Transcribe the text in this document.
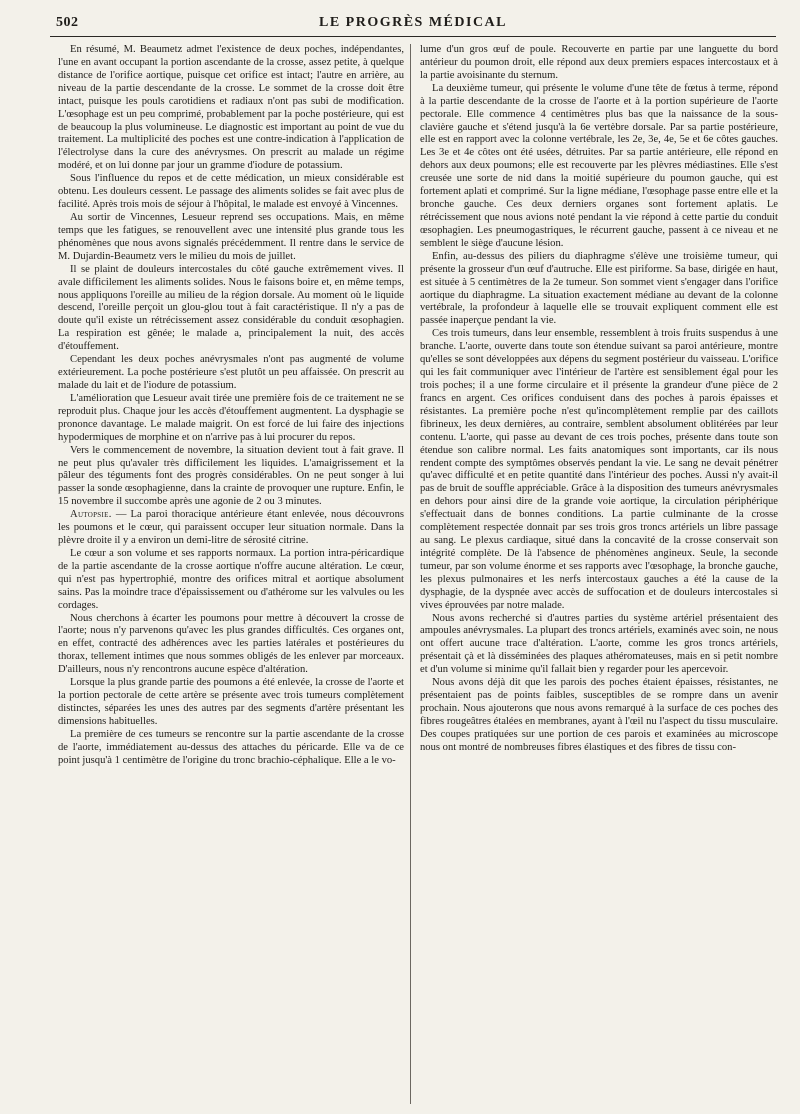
502	LE PROGRÈS MÉDICAL

En résumé, M. Beaumetz admet l'existence de deux poches, indépendantes, l'une en avant occupant la portion ascendante de la crosse, assez petite, à quelque distance de l'orifice aortique, puisque cet orifice est intact; l'autre en arrière, au niveau de la partie descendante de la crosse. Le sommet de la crosse doit être intact, puisque les pouls carotidiens et radiaux n'ont pas subi de modification. L'œsophage est un peu comprimé, probablement par la poche postérieure, qui est de beaucoup la plus volumineuse. Le diagnostic est important au point de vue du traitement. La multiplicité des poches est une contre-indication à l'application de l'électrolyse dans la cure des anévrysmes. On prescrit au malade un régime modéré, et on lui donne par jour un gramme d'iodure de potassium.

Sous l'influence du repos et de cette médication, un mieux considérable est obtenu. Les douleurs cessent. Le passage des aliments solides se fait avec plus de facilité. Après trois mois de séjour à l'hôpital, le malade est envoyé à Vincennes.

Au sortir de Vincennes, Lesueur reprend ses occupations. Mais, en même temps que les fatigues, se renouvellent avec une intensité plus grande tous les phénomènes que nous avons signalés précédemment. Il rentre dans le service de M. Dujardin-Beaumetz vers le milieu du mois de juillet.

Il se plaint de douleurs intercostales du côté gauche extrêmement vives. Il avale difficilement les aliments solides. Nous le faisons boire et, en même temps, nous appliquons l'oreille au milieu de la région dorsale. Au moment où le liquide descend, l'oreille perçoit un glou-glou tout à fait caractéristique. Il n'y a pas de doute qu'il existe un rétrécissement assez considérable du conduit œsophagien. La respiration est gênée; le malade a, principalement la nuit, des accès d'étouffement.

Cependant les deux poches anévrysmales n'ont pas augmenté de volume extérieurement. La poche postérieure s'est plutôt un peu affaissée. On prescrit au malade du lait et de l'iodure de potassium.

L'amélioration que Lesueur avait tirée une première fois de ce traitement ne se reproduit plus. Chaque jour les accès d'étouffement augmentent. La dysphagie se prononce davantage. Le malade maigrit. On est forcé de lui faire des injections hypodermiques de morphine et on n'arrive pas à lui procurer du repos.

Vers le commencement de novembre, la situation devient tout à fait grave. Il ne peut plus qu'avaler très difficilement les liquides. L'amaigrissement et la pâleur des téguments font des progrès considérables. On ne peut songer à lui passer la sonde œsophagienne, dans la crainte de provoquer une rupture. Enfin, le 15 novembre il succombe après une agonie de 2 ou 3 minutes.

Autopsie. — La paroi thoracique antérieure étant enlevée, nous découvrons les poumons et le cœur, qui paraissent occuper leur situation normale. Dans la plèvre droite il y a environ un demi-litre de sérosité citrine.

Le cœur a son volume et ses rapports normaux. La portion intra-péricardique de la partie ascendante de la crosse aortique n'offre aucune altération. Le cœur, qui n'est pas hypertrophié, montre des orifices mitral et aortique absolument sains. Pas la moindre trace d'épaississement ou d'athérome sur les valvules ou les cordages.

Nous cherchons à écarter les poumons pour mettre à découvert la crosse de l'aorte; nous n'y parvenons qu'avec les plus grandes difficultés. Ces organes ont, en effet, contracté des adhérences avec les parties latérales et postérieures du thorax, tellement intimes que nous sommes obligés de les enlever par morceaux. D'ailleurs, nous n'y rencontrons aucune espèce d'altération.

Lorsque la plus grande partie des poumons a été enlevée, la crosse de l'aorte et la portion pectorale de cette artère se présente avec trois tumeurs complètement distinctes, séparées les unes des autres par des segments d'artère présentant les dimensions habituelles.

La première de ces tumeurs se rencontre sur la partie ascendante de la crosse de l'aorte, immédiatement au-dessus des attaches du péricarde. Elle va de ce point jusqu'à 1 centimètre de l'origine du tronc brachio-céphalique. Elle a le vo-

lume d'un gros œuf de poule. Recouverte en partie par une languette du bord antérieur du poumon droit, elle répond aux deux premiers espaces intercostaux et à la partie avoisinante du sternum.

La deuxième tumeur, qui présente le volume d'une tête de fœtus à terme, répond à la partie descendante de la crosse de l'aorte et à la portion supérieure de l'aorte pectorale. Elle commence 4 centimètres plus bas que la naissance de la sous-clavière gauche et s'étend jusqu'à la 6e vertèbre dorsale. Par sa partie postérieure, elle est en rapport avec la colonne vertébrale, les 2e, 3e, 4e, 5e et 6e côtes gauches. Les 3e et 4e côtes ont été usées, détruites. Par sa partie antérieure, elle répond en dehors aux deux poumons; elle est recouverte par les plèvres médiastines. Elle s'est creusée une sorte de nid dans la moitié supérieure du poumon gauche, qui est fortement aplati et comprimé. Sur la ligne médiane, l'œsophage passe entre elle et la bronche gauche. Ces deux derniers organes sont fortement aplatis. Le rétrécissement que nous avions noté pendant la vie répond à cette partie du conduit œsophagien. Les pneumogastriques, le récurrent gauche, passent à ce niveau et ne semblent le siège d'aucune lésion.

Enfin, au-dessus des piliers du diaphragme s'élève une troisième tumeur, qui présente la grosseur d'un œuf d'autruche. Elle est piriforme. Sa base, dirigée en haut, est située à 5 centimètres de la 2e tumeur. Son sommet vient s'engager dans l'orifice aortique du diaphragme. La situation exactement médiane au devant de la colonne vertébrale, la profondeur à laquelle elle se trouvait expliquent comment elle est passée inaperçue pendant la vie.

Ces trois tumeurs, dans leur ensemble, ressemblent à trois fruits suspendus à une branche. L'aorte, ouverte dans toute son étendue suivant sa paroi antérieure, montre qu'elles se sont développées aux dépens du segment postérieur du vaisseau. L'orifice qui les fait communiquer avec l'intérieur de l'artère est sensiblement égal pour les trois poches; il a une forme circulaire et il présente la grandeur d'une pièce de 2 francs en argent. Ces orifices conduisent dans des poches à parois épaisses et résistantes. La première poche n'est qu'incomplètement remplie par des caillots fibrineux, les deux dernières, au contraire, semblent absolument oblitérées par leur contenu. L'aorte, qui passe au devant de ces trois poches, présente dans toute son étendue son calibre normal. Les faits anatomiques sont importants, car ils nous rendent compte des symptômes observés pendant la vie. Le sang ne devait pénétrer qu'avec difficulté et en petite quantité dans l'intérieur des poches. Aussi n'y avait-il pas de bruit de souffle appréciable. Grâce à la disposition des tumeurs anévrysmales en dehors pour ainsi dire de la grande voie aortique, la circulation périphérique s'effectuait dans de bonnes conditions. La partie culminante de la crosse complètement respectée donnait par ses trois gros troncs artériels un libre passage au sang. Le plexus cardiaque, situé dans la concavité de la crosse conservait son intégrité complète. De là l'absence de phénomènes angineux. Seule, la seconde tumeur, par son volume énorme et ses rapports avec l'œsophage, la bronche gauche, les plexus pulmonaires et les nerfs intercostaux gauches a été la cause de la dysphagie, de la dyspnée avec accès de suffocation et de douleurs intercostales si vives éprouvées par notre malade.

Nous avons recherché si d'autres parties du système artériel présentaient des ampoules anévrysmales. La plupart des troncs artériels, examinés avec soin, ne nous ont offert aucune trace d'altération. L'aorte, comme les gros troncs artériels, présentait çà et là disséminées des plaques athéromateuses, mais en si petit nombre et d'un volume si minime qu'il fallait bien y regarder pour les apercevoir.

Nous avons déjà dit que les parois des poches étaient épaisses, résistantes, ne présentaient pas de points faibles, susceptibles de se rompre dans un avenir prochain. Nous ajouterons que nous avons remarqué à la surface de ces poches des fibres rougeâtres étalées en membranes, ayant à l'œil nu l'aspect du tissu musculaire. Des coupes pratiquées sur une portion de ces parois et examinées au microscope nous ont montré de nombreuses fibres élastiques et des fibres de tissu con-
